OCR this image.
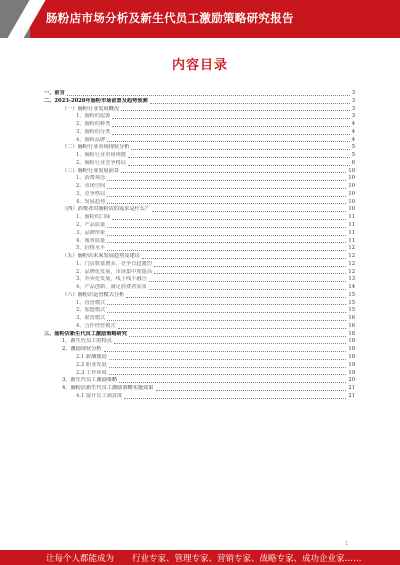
肠粉店市场分析及新生代员工激励策略研究报告
内容目录
一、前言	3
二、2023-2028年肠粉市场前景及趋势预测	3
（一）肠粉行业发展概况	3
1、肠粉的起源	3
2、肠粉的种类	4
3、肠粉的分类	4
4、肠粉品牌	4
（二）肠粉行业市场现状分析	5
1、肠粉行业市场规模	5
2、肠粉行业竞争格局	6
（三）肠粉行业发展前景	10
1、消费观念	10
2、市场空间	10
3、竞争格局	10
4、发展趋势	10
（四）消费者对肠粉店的需求是什么？	10
1、肠粉的口味	11
2、产品质量	11
3、品牌形象	11
4、服务质量	11
5、价格水平	12
（五）肠粉店未来发展趋势及建议	12
1、门店数量增多，竞争日趋激烈	12
2、品牌化发展，市场集中度提高	12
3、外卖化发展，线上线下融合	13
4、产品创新，满足消费者需求	14
（六）肠粉店运营模式分析	15
1、直营模式	15
2、加盟模式	15
3、联营模式	16
4、合作经营模式	16
三、肠粉店新生代员工激励策略研究	18
1、新生代员工的特点	18
2、激励现状分析	18
2.1 薪酬激励	18
2.2 职业发展	19
2.3 工作环境	19
3、新生代员工激励策略	20
4、肠粉店新生代员工激励策略实施效果	21
4.1 提升员工满意度	21
1
让每个人都能成为 行业专家、管理专家、营销专家、战略专家、成功企业家……
